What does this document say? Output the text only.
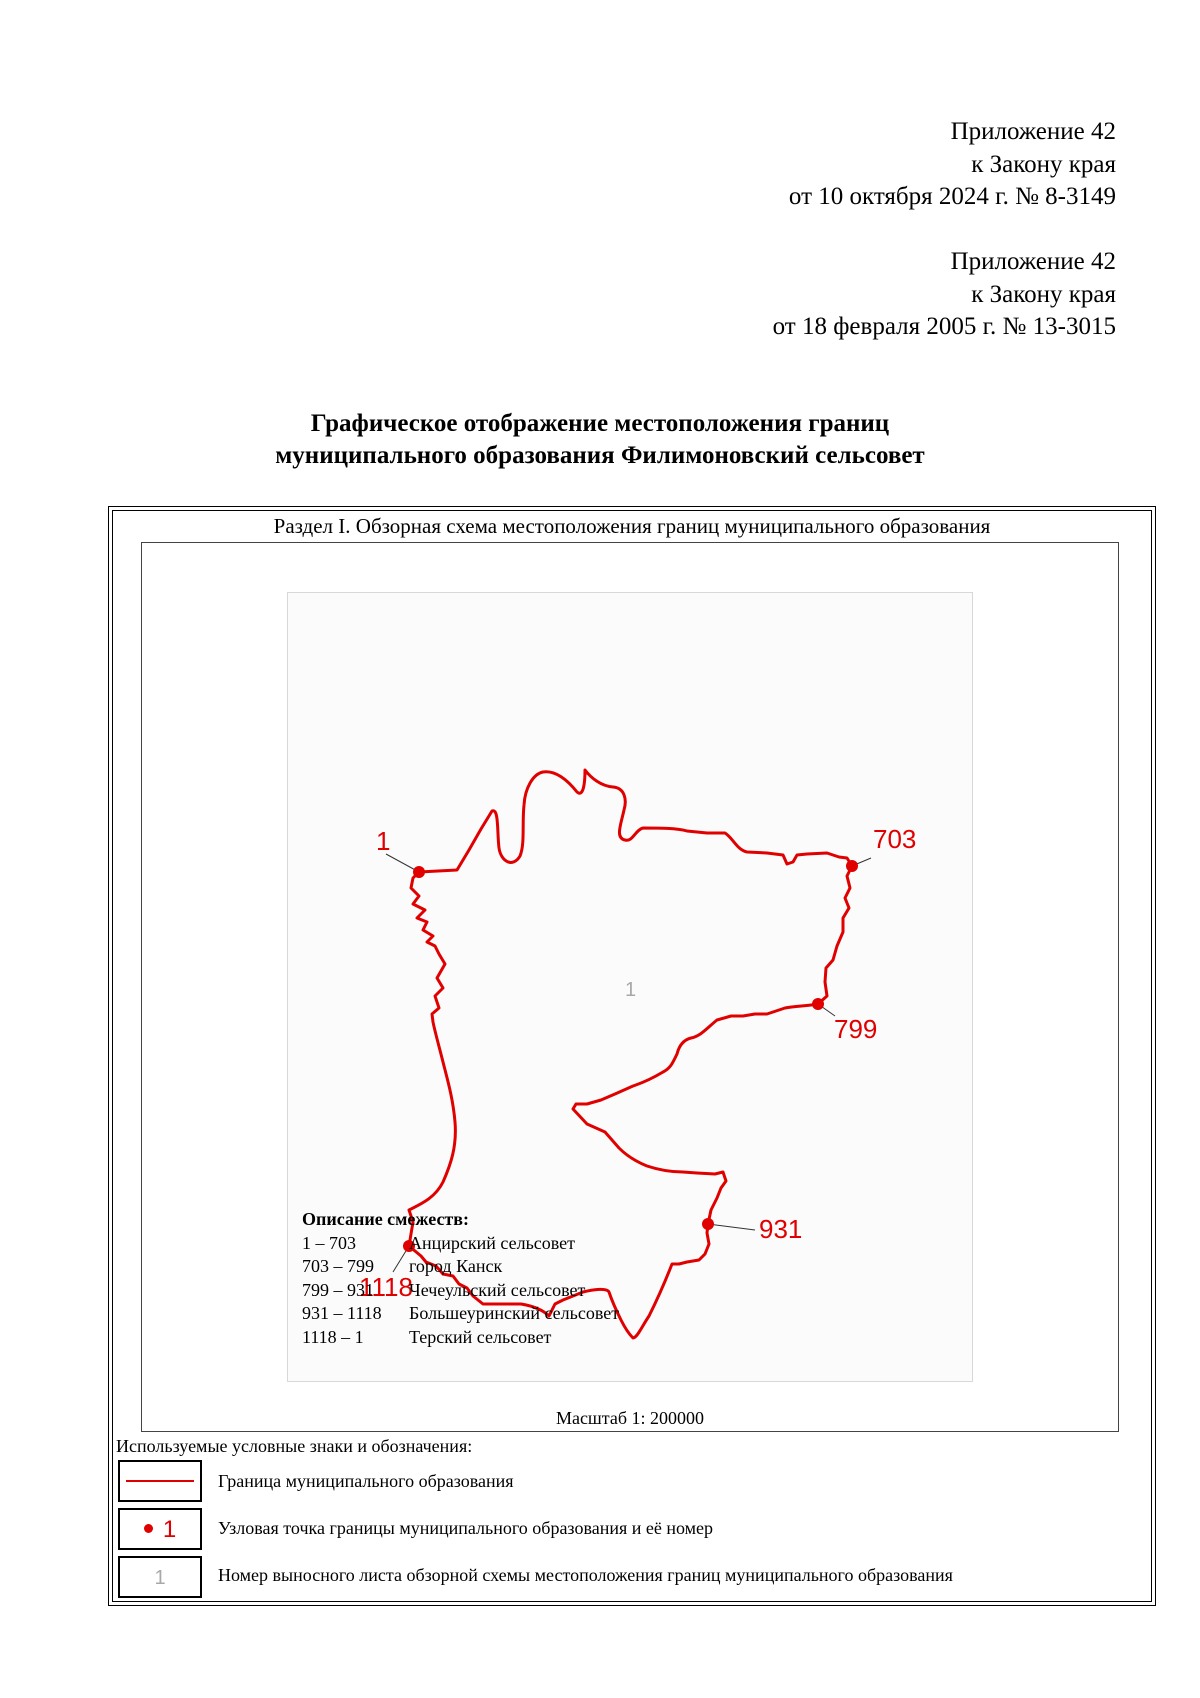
Приложение 42
к Закону края
от 10 октября 2024 г. № 8-3149
Приложение 42
к Закону края
от 18 февраля 2005 г. № 13-3015
Графическое отображение местоположения границ
муниципального образования Филимоновский сельсовет
Раздел I. Обзорная схема местоположения границ муниципального образования
1	703
799
931
1118
1
Описание смежеств:
1 – 703	Анцирский сельсовет
703 – 799 город Канск
799 – 931 Чечеульский сельсовет
931 – 1118 Большеуринский сельсовет
1118 – 1	Терский сельсовет
Масштаб 1: 200000
Используемые условные знаки и обозначения:
Граница муниципального образования
1	Узловая точка границы муниципального образования и её номер
1	Номер выносного листа обзорной схемы местоположения границ муниципального образования
